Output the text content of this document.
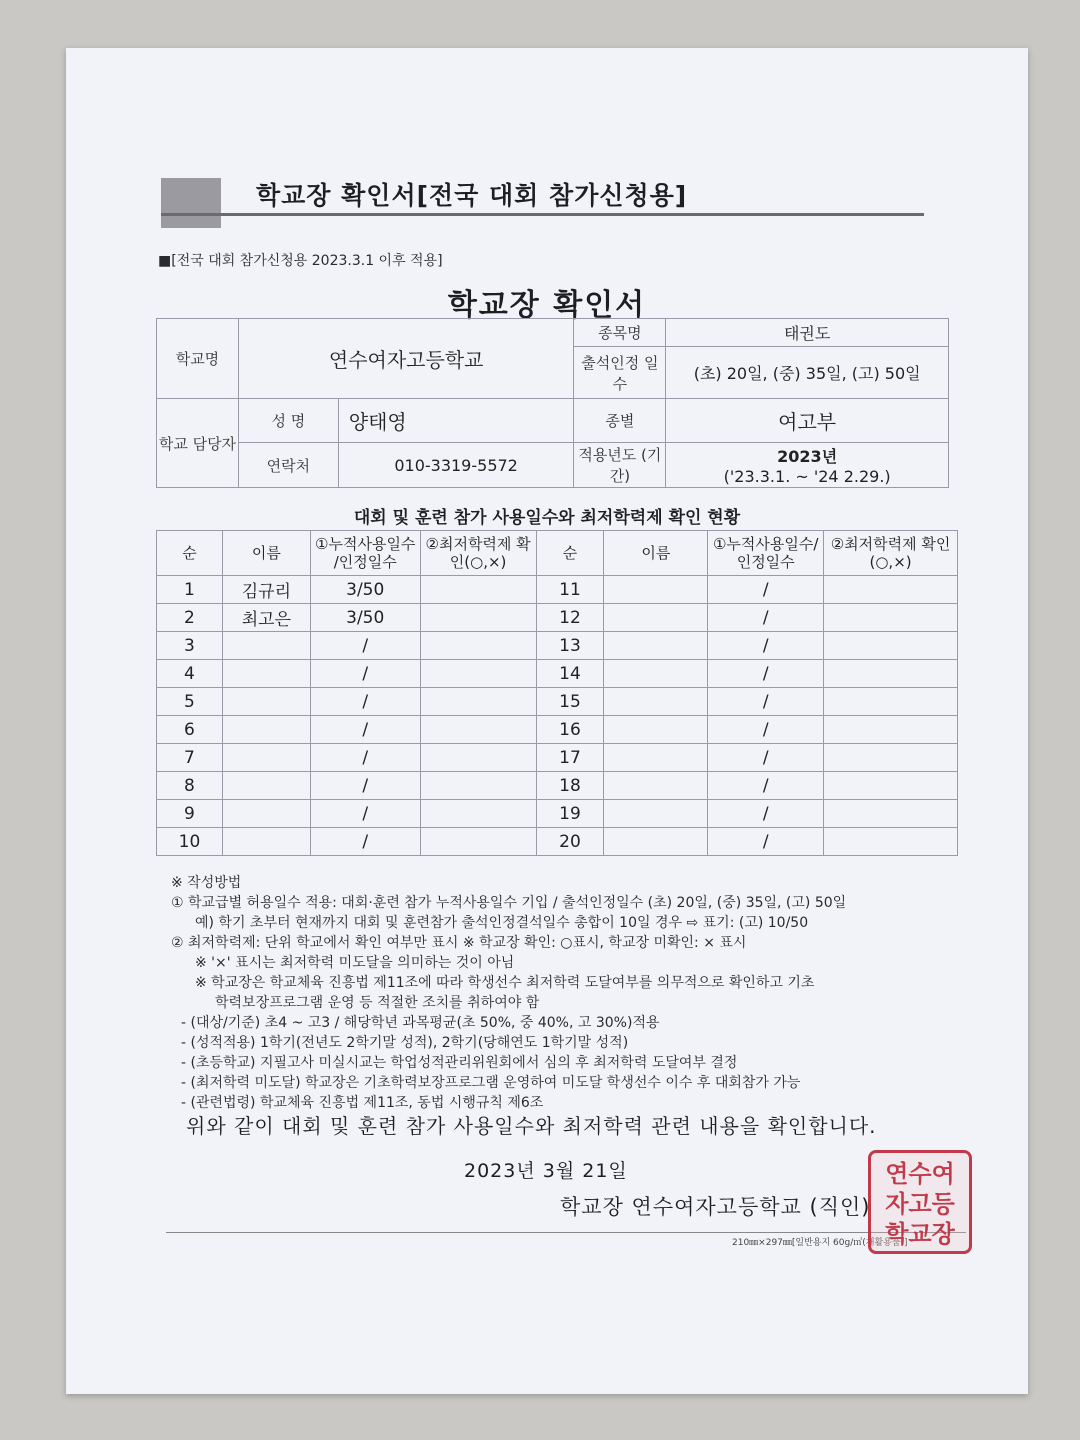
학교장 확인서[전국 대회 참가신청용]
■[전국 대회 참가신청용 2023.3.1 이후 적용]
학교장 확인서
학교명	연수여자고등학교		종목명	태권도
			출석인정 일수	(초) 20일, (중) 35일, (고) 50일
학교 담당자	성 명	양태영	종별	여고부
	연락처	010-3319-5572	적용년도 (기간)	2023년
('23.3.1. ~ '24 2.29.)
대회 및 훈련 참가 사용일수와 최저학력제 확인 현황
순	이름	①누적사용일수 /인정일수	②최저학력제 확인(○,×)	순	이름	①누적사용일수/ 인정일수	②최저학력제 확인(○,×)
1	김규리	3/50		11		/	
2	최고은	3/50		12		/	
3		/		13		/	
4		/		14		/	
5		/		15		/	
6		/		16		/	
7		/		17		/	
8		/		18		/	
9		/		19		/	
10		/		20		/	
※ 작성방법
① 학교급별 허용일수 적용: 대회·훈련 참가 누적사용일수 기입 / 출석인정일수 (초) 20일, (중) 35일, (고) 50일
예) 학기 초부터 현재까지 대회 및 훈련참가 출석인정결석일수 총합이 10일 경우 ⇨ 표기: (고) 10/50
② 최저학력제: 단위 학교에서 확인 여부만 표시 ※ 학교장 확인: ○표시, 학교장 미확인: × 표시
※ '×' 표시는 최저학력 미도달을 의미하는 것이 아님
※ 학교장은 학교체육 진흥법 제11조에 따라 학생선수 최저학력 도달여부를 의무적으로 확인하고 기초
학력보장프로그램 운영 등 적절한 조치를 취하여야 함
- (대상/기준) 초4 ~ 고3 / 해당학년 과목평균(초 50%, 중 40%, 고 30%)적용
- (성적적용) 1학기(전년도 2학기말 성적), 2학기(당해연도 1학기말 성적)
- (초등학교) 지필고사 미실시교는 학업성적관리위원회에서 심의 후 최저학력 도달여부 결정
- (최저학력 미도달) 학교장은 기초학력보장프로그램 운영하여 미도달 학생선수 이수 후 대회참가 가능
- (관련법령) 학교체육 진흥법 제11조, 동법 시행규칙 제6조
위와 같이 대회 및 훈련 참가 사용일수와 최저학력 관련 내용을 확인합니다.
2023년 3월 21일
학교장 연수여자고등학교 (직인)
210㎜×297㎜[일반용지 60g/㎡(재활용품)]
연수여
자고등
학교장
